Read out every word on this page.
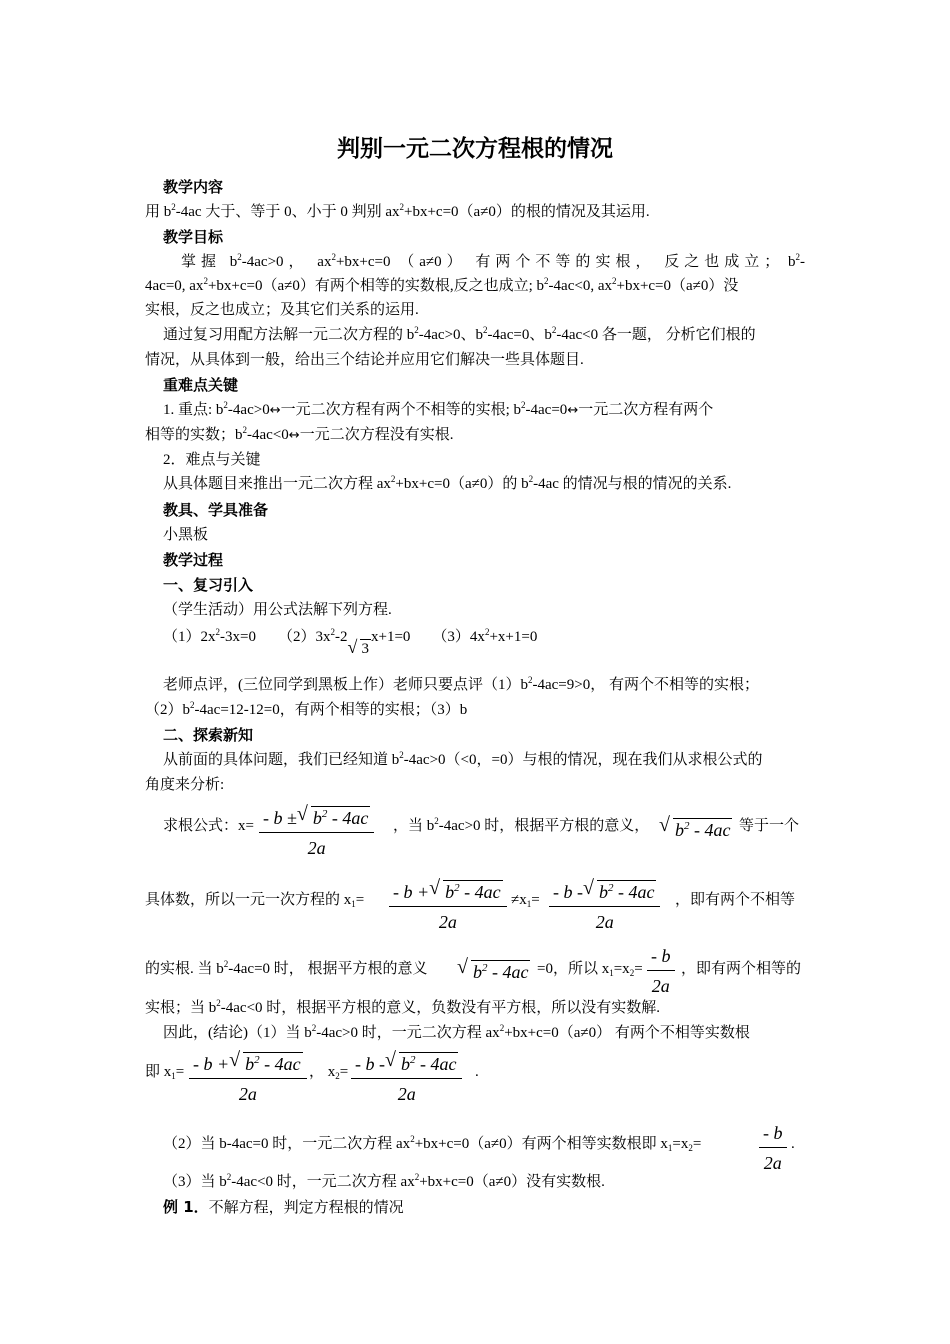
判别一元二次方程根的情况
教学内容
用 $b^2-4ac$ 大于、等于 0、小于 0 判别 $ax^2+bx+c=0(a\ne 0)$的根的情况及其运用.
教学目标
掌握 $b^2-4ac>0$， $ax^2+bx+c=0$ （a≠0） 有两个不等的实根， 反之也成立； $b^2-$
4ac=0, $ax^2+bx+c=0(a\ne 0)$有两个相等的实数根,反之也成立; $b^2-4ac<0$, $ax^2+bx+c=0(a\ne 0)$没
实根，反之也成立；及其它们关系的运用.
通过复习用配方法解一元二次方程的 $b^2-4ac>0$、$b^2-4ac=0$、$b^2-4ac<0$ 各一题， 分析它们根的
情况，从具体到一般，给出三个结论并应用它们解决一些具体题目.
重难点关键
1. 重点: $b^2-4ac>0\leftrightarrow$一元二次方程有两个不相等的实根; $b^2-4ac=0\leftrightarrow$一元二次方程有两个
相等的实数；$b^2-4ac<0\leftrightarrow$一元二次方程没有实根.
2．难点与关键
从具体题目来推出一元二次方程 $ax^2+bx+c=0(a\ne 0)$的 $b^2-4ac$ 的情况与根的情况的关系.
教具、学具准备
小黑板
教学过程
一、复习引入
（学生活动）用公式法解下列方程.
$(1)2x^2-3x=0$ $(2)3x^2-2$ √ 3x+1=0 $(3)4x^2+x+1=0$
老师点评，(三位同学到黑板上作）老师只要点评$(1)b^2-4ac=9>0$， 有两个不相等的实根；
$(2)b^2-4ac=12-12=0$，有两个相等的实根；（3）b
二、探索新知
从前面的具体问题，我们已经知道 $b^2-4ac>0(<0$，=0）与根的情况，现在我们从求根公式的
角度来分析:
求根公式：$x= \frac{- b \pm √ b^2 - 4ac}{2a}$ ，当 $b^2-4ac>0$ 时，根据平方根的意义， √ $b^2 - 4ac$ 等于一个
具体数，所以一元一次方程的 $x_1= \frac{- b + √ b^2 - 4ac}{2a} \ne x_1= \frac{- b - √ b^2 - 4ac}{2a}$ ，即有两个不相等
的实根. 当 $b^2-4ac=0$ 时， 根据平方根的意义 √ $b^2 - 4ac =0$，所以 $x_1=x_2= \frac{- b}{2a}$ ，即有两个相等的
实根；当 $b^2-4ac<0$ 时，根据平方根的意义，负数没有平方根，所以没有实数解.
因此，(结论)（1）当 $b^2-4ac>0$ 时，一元二次方程 $ax^2+bx+c=0(a\ne 0)$ 有两个不相等实数根
即 $x_1= \frac{- b + √ b^2 - 4ac}{2a}$ ， $x_2= \frac{- b - √ b^2 - 4ac}{2a}$ .
（2）当 b-4ac=0 时，一元二次方程 $ax^2+bx+c=0(a\ne 0)$有两个相等实数根即 $x_1=x_2=$	$\frac{- b}{2a}$ .
（3）当 $b^2-4ac<0$ 时，一元二次方程 $ax^2+bx+c=0(a\ne 0)$没有实数根.
例 1．不解方程，判定方程根的情况
